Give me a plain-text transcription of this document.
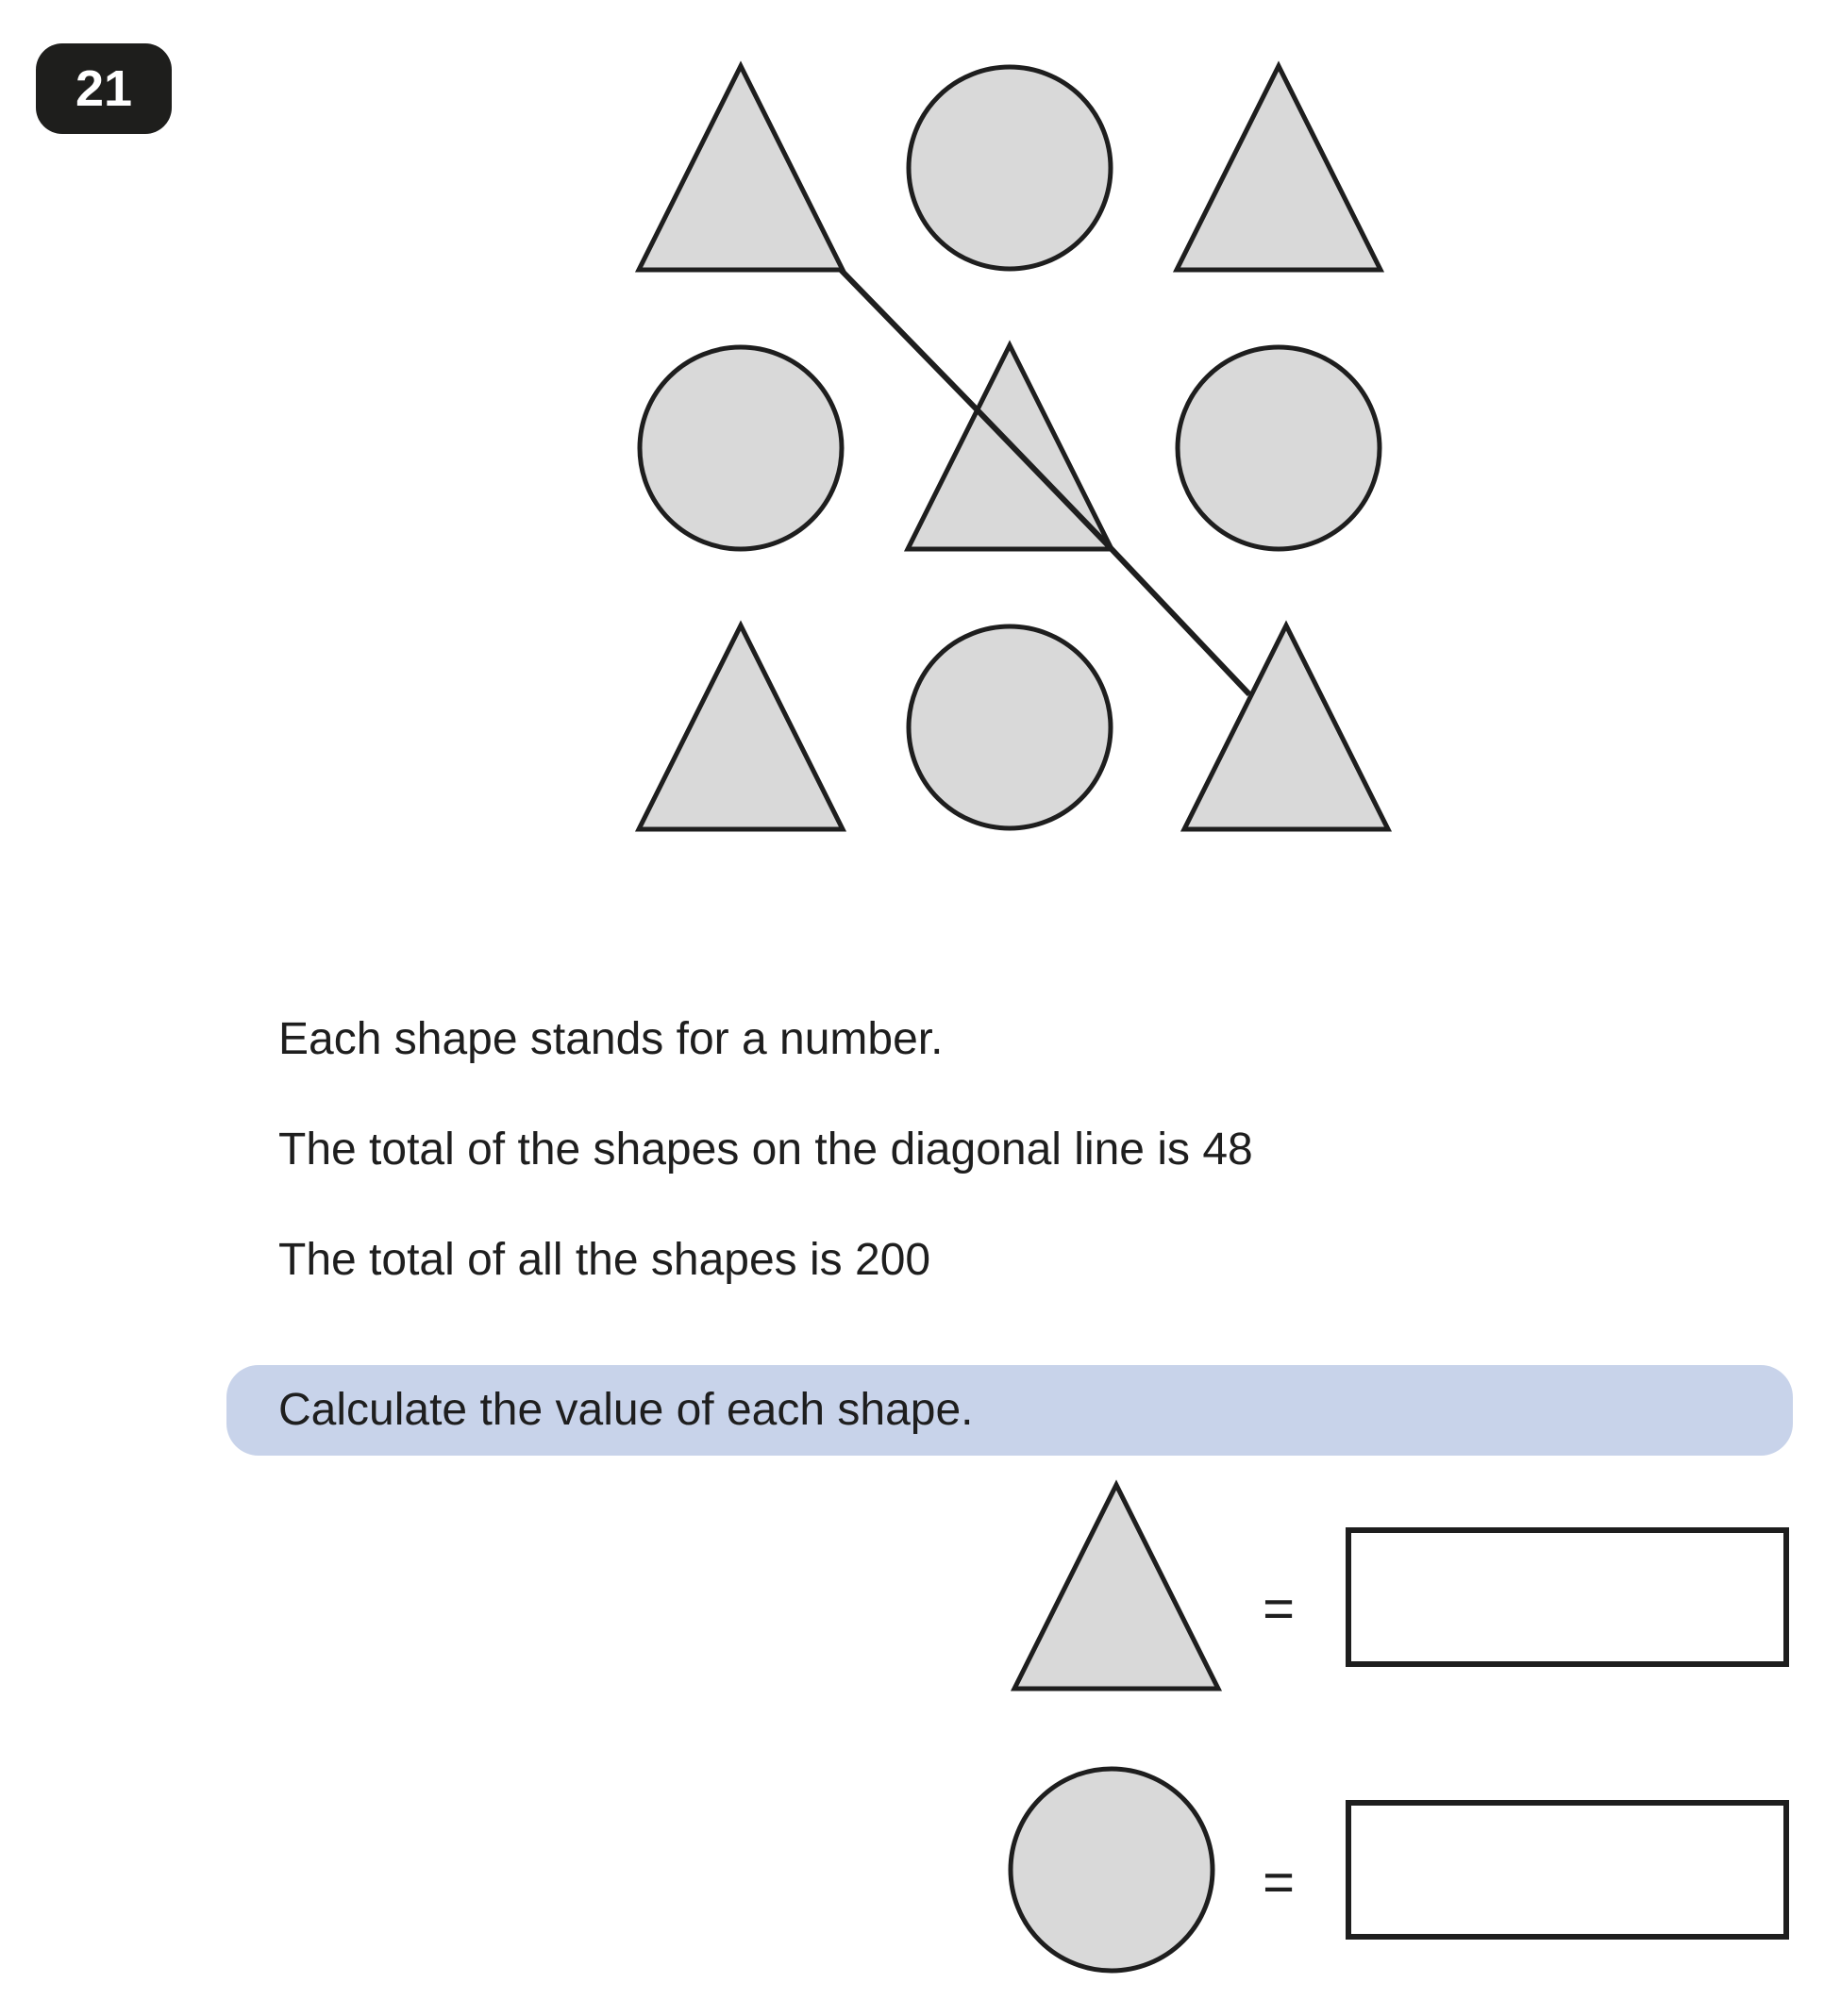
21
Each shape stands for a number.
The total of the shapes on the diagonal line is 48
The total of all the shapes is 200
Calculate the value of each shape.
=
=
